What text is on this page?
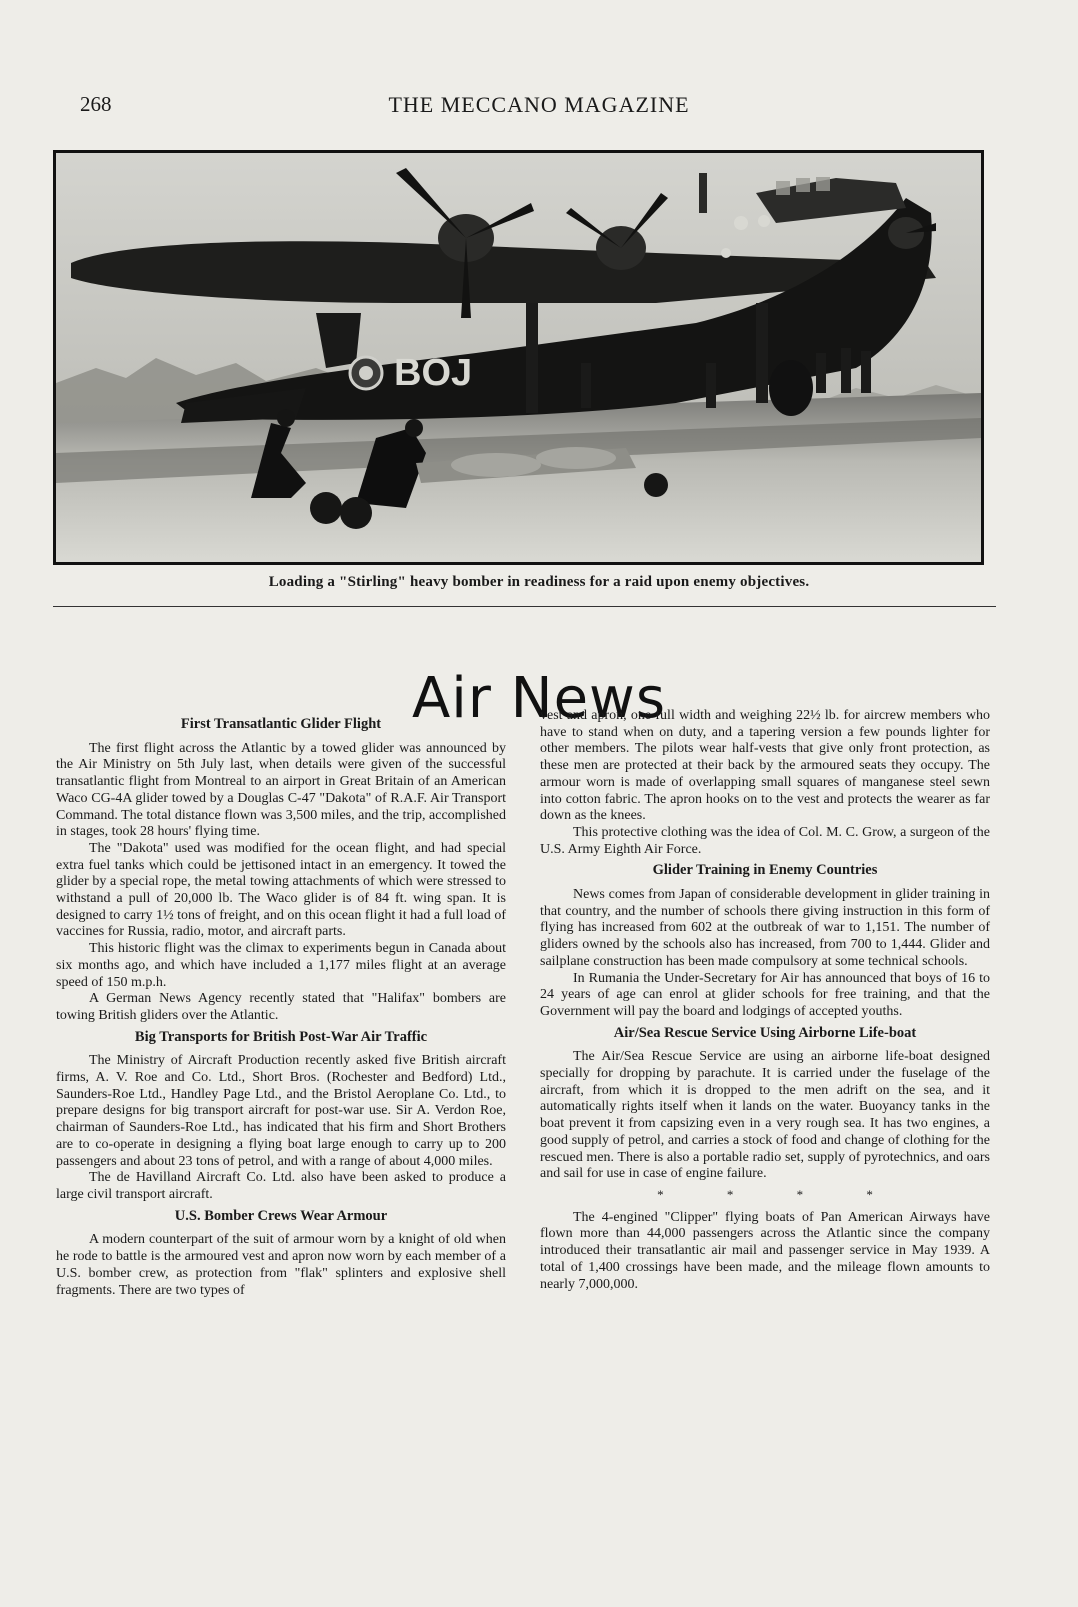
268	THE MECCANO MAGAZINE
BOJ
Loading a "Stirling" heavy bomber in readiness for a raid upon enemy objectives.
Air News
First Transatlantic Glider Flight

The first flight across the Atlantic by a towed glider was announced by the Air Ministry on 5th July last, when details were given of the successful transatlantic flight from Montreal to an airport in Great Britain of an American Waco CG-4A glider towed by a Douglas C-47 "Dakota" of R.A.F. Air Transport Command. The total distance flown was 3,500 miles, and the trip, accomplished in stages, took 28 hours' flying time.

The "Dakota" used was modified for the ocean flight, and had special extra fuel tanks which could be jettisoned intact in an emergency. It towed the glider by a special rope, the metal towing attachments of which were stressed to withstand a pull of 20,000 lb. The Waco glider is of 84 ft. wing span. It is designed to carry 1½ tons of freight, and on this ocean flight it had a full load of vaccines for Russia, radio, motor, and aircraft parts.

This historic flight was the climax to experiments begun in Canada about six months ago, and which have included a 1,177 miles flight at an average speed of 150 m.p.h.

A German News Agency recently stated that "Halifax" bombers are towing British gliders over the Atlantic.

Big Transports for British Post-War Air Traffic

The Ministry of Aircraft Production recently asked five British aircraft firms, A. V. Roe and Co. Ltd., Short Bros. (Rochester and Bedford) Ltd., Saunders-Roe Ltd., Handley Page Ltd., and the Bristol Aeroplane Co. Ltd., to prepare designs for big transport aircraft for post-war use. Sir A. Verdon Roe, chairman of Saunders-Roe Ltd., has indicated that his firm and Short Brothers are to co-operate in designing a flying boat large enough to carry up to 200 passengers and about 23 tons of petrol, and with a range of about 4,000 miles.

The de Havilland Aircraft Co. Ltd. also have been asked to produce a large civil transport aircraft.

U.S. Bomber Crews Wear Armour

A modern counterpart of the suit of armour worn by a knight of old when he rode to battle is the armoured vest and apron now worn by each member of a U.S. bomber crew, as protection from "flak" splinters and explosive shell fragments. There are two types of

vest and apron, one full width and weighing 22½ lb. for aircrew members who have to stand when on duty, and a tapering version a few pounds lighter for other members. The pilots wear half-vests that give only front protection, as these men are protected at their back by the armoured seats they occupy. The armour worn is made of overlapping small squares of manganese steel sewn into cotton fabric. The apron hooks on to the vest and protects the wearer as far down as the knees.

This protective clothing was the idea of Col. M. C. Grow, a surgeon of the U.S. Army Eighth Air Force.

Glider Training in Enemy Countries

News comes from Japan of considerable development in glider training in that country, and the number of schools there giving instruction in this form of flying has increased from 602 at the outbreak of war to 1,151. The number of gliders owned by the schools also has increased, from 700 to 1,444. Glider and sailplane construction has been made compulsory at some technical schools.

In Rumania the Under-Secretary for Air has announced that boys of 16 to 24 years of age can enrol at glider schools for free training, and that the Government will pay the board and lodgings of accepted youths.

Air/Sea Rescue Service Using Airborne Life-boat

The Air/Sea Rescue Service are using an airborne life-boat designed specially for dropping by parachute. It is carried under the fuselage of the aircraft, from which it is dropped to the men adrift on the sea, and it automatically rights itself when it lands on the water. Buoyancy tanks in the boat prevent it from capsizing even in a very rough sea. It has two engines, a good supply of petrol, and carries a stock of food and change of clothing for the rescued men. There is also a portable radio set, supply of pyrotechnics, and oars and sail for use in case of engine failure.

* * * *

The 4-engined "Clipper" flying boats of Pan American Airways have flown more than 44,000 passengers across the Atlantic since the company introduced their transatlantic air mail and passenger service in May 1939. A total of 1,400 crossings have been made, and the mileage flown amounts to nearly 7,000,000.
